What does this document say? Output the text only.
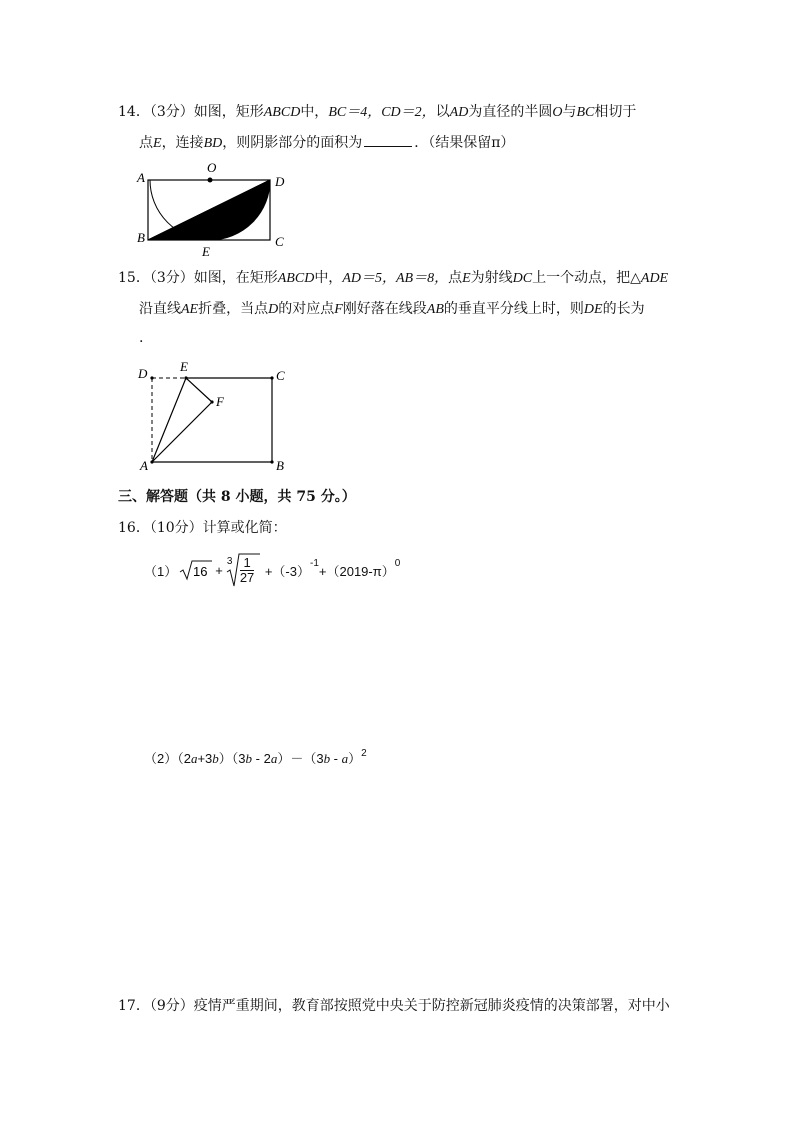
14．（3分）如图，矩形ABCD中，BC＝4，CD＝2，以AD为直径的半圆O与BC相切于
点E，连接BD，则阴影部分的面积为	．（结果保留π）
A
O
D
B	C
E
15．（3分）如图，在矩形ABCD中，AD＝5，AB＝8，点E为射线DC上一个动点，把△ADE
沿直线AE折叠，当点D的对应点F刚好落在线段AB的垂直平分线上时，则DE的长为
.
D	E
C
F
A	B
三、解答题（共 8 小题，共 75 分。）
16．（10分）计算或化简：
（1） 16 +
$3 \frac{1}{27} +(-3)$
-1
+（2019-π）
0
（2）（2a+3b）（3b - 2a）－（3b - a）$^2$
17．（9分）疫情严重期间，教育部按照党中央关于防控新冠肺炎疫情的决策部署，对中小
